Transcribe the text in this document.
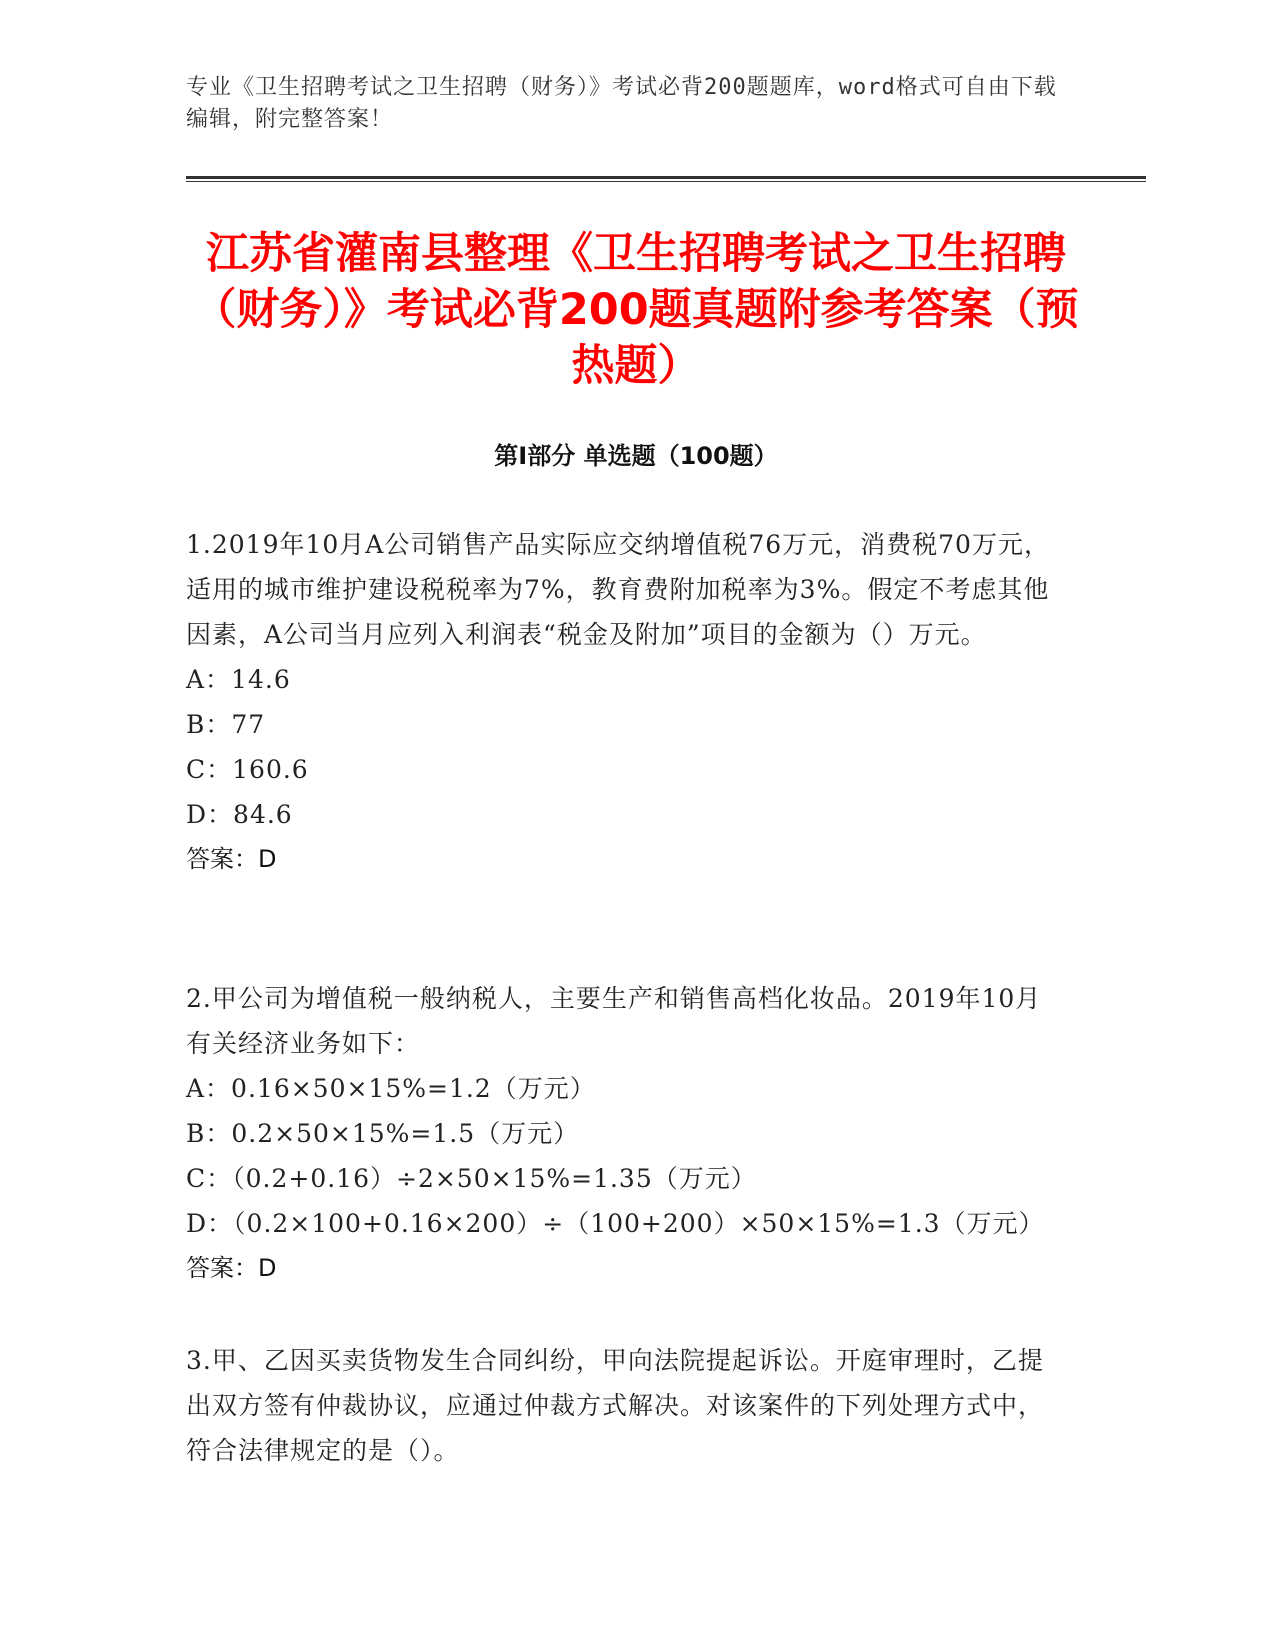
专业《卫生招聘考试之卫生招聘（财务）》考试必背200题题库，word格式可自由下载编辑，附完整答案！
江苏省灌南县整理《卫生招聘考试之卫生招聘（财务）》考试必背200题真题附参考答案（预热题）
第Ⅰ部分 单选题（100题）
1.2019年10月A公司销售产品实际应交纳增值税76万元，消费税70万元，适用的城市维护建设税税率为7%，教育费附加税率为3%。假定不考虑其他因素，A公司当月应列入利润表“税金及附加”项目的金额为（）万元。
A：14.6
B：77
C：160.6
D：84.6
答案：D
2.甲公司为增值税一般纳税人，主要生产和销售高档化妆品。2019年10月有关经济业务如下：
A：0.16×50×15%=1.2（万元）
B：0.2×50×15%=1.5（万元）
C：（0.2+0.16）÷2×50×15%=1.35（万元）
D：（0.2×100+0.16×200）÷（100+200）×50×15%=1.3（万元）
答案：D
3.甲、乙因买卖货物发生合同纠纷，甲向法院提起诉讼。开庭审理时，乙提出双方签有仲裁协议，应通过仲裁方式解决。对该案件的下列处理方式中，符合法律规定的是（）。
